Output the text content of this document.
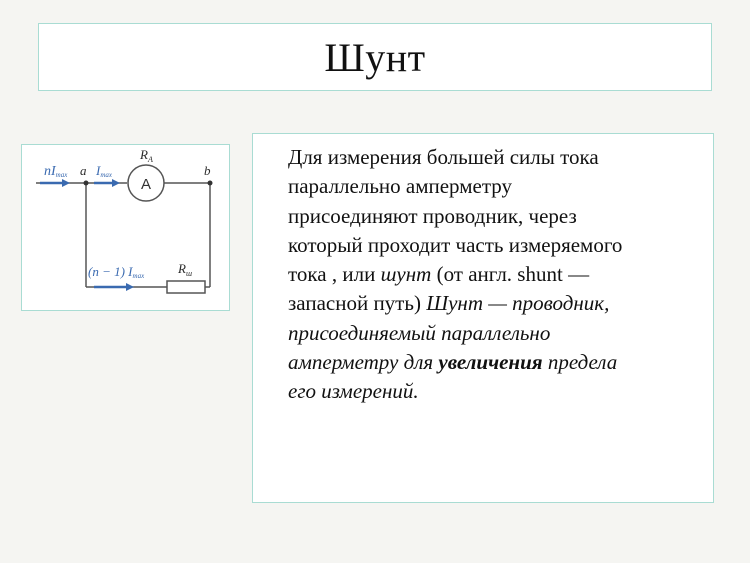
Шунт
A
nImax a Imax
$R_A$
b
(n − 1) Imax	$R_ш$
Для измерения большей силы тока
параллельно амперметру
присоединяют проводник, через
который проходит часть измеряемого
тока , или шунт (от англ. shunt —
запасной путь) Шунт — проводник,
присоединяемый параллельно
амперметру для увеличения предела
его измерений.
